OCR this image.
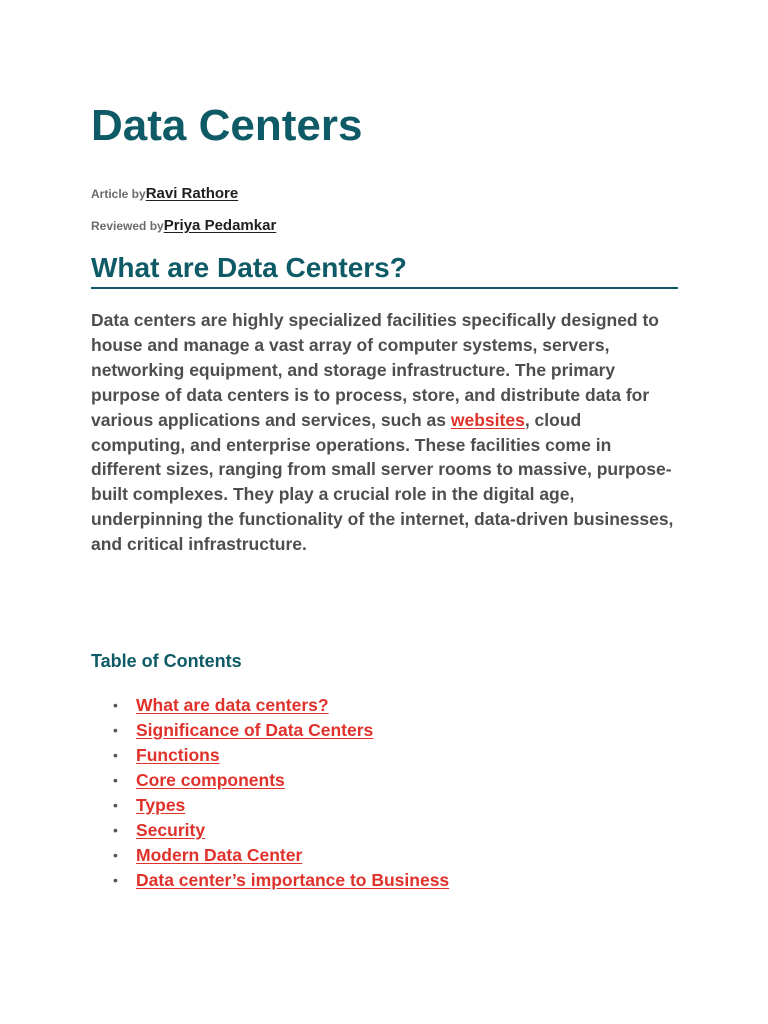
Data Centers
Article byRavi Rathore
Reviewed byPriya Pedamkar
What are Data Centers?

Data centers are highly specialized facilities specifically designed to house and manage a vast array of computer systems, servers, networking equipment, and storage infrastructure. The primary purpose of data centers is to process, store, and distribute data for various applications and services, such as websites, cloud computing, and enterprise operations. These facilities come in different sizes, ranging from small server rooms to massive, purpose-built complexes. They play a crucial role in the digital age, underpinning the functionality of the internet, data-driven businesses, and critical infrastructure.

Table of Contents
• What are data centers?
• Significance of Data Centers
• Functions
• Core components
• Types
• Security
• Modern Data Center
• Data center’s importance to Business
